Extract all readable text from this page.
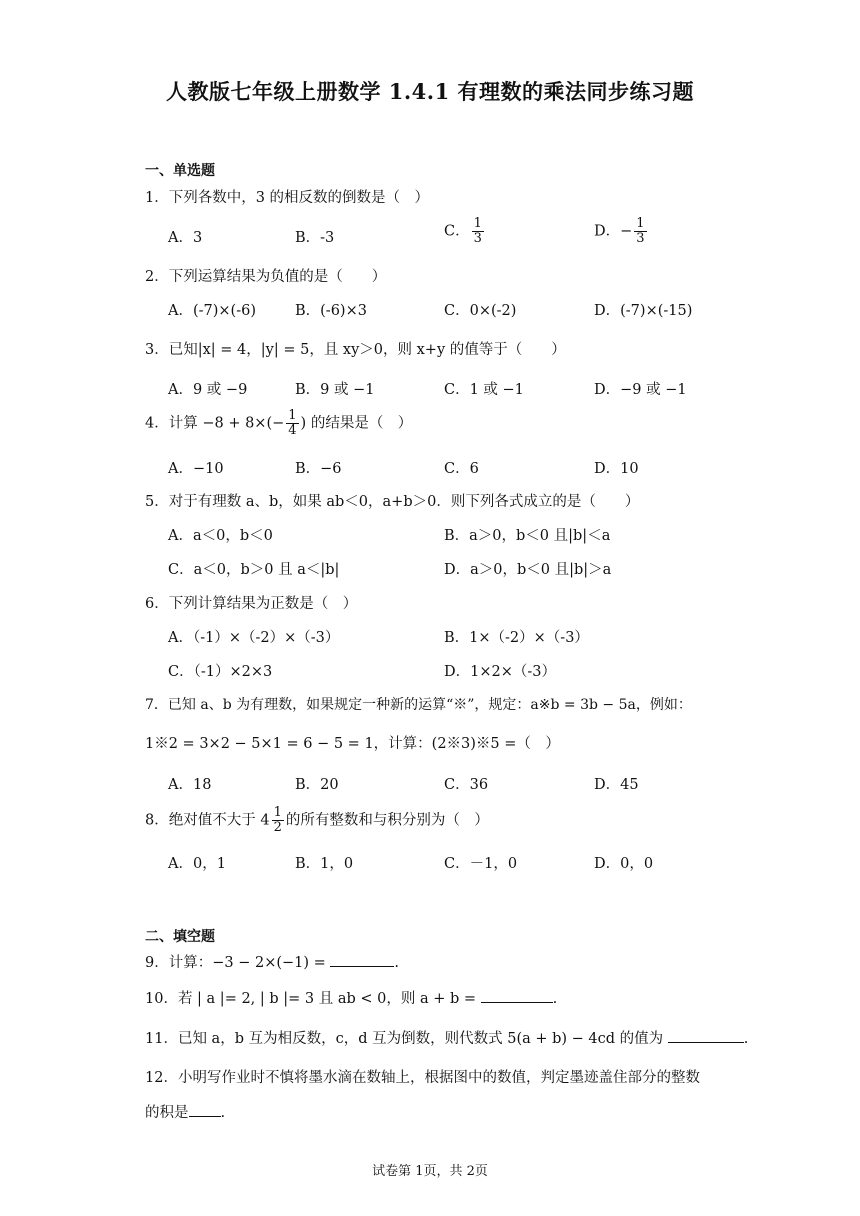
人教版七年级上册数学 1.4.1 有理数的乘法同步练习题
一、单选题
1．下列各数中，3 的相反数的倒数是（　）
A．3	B．-3	C． $\frac{1}{3}$	D．− $\frac{1}{3}$
2．下列运算结果为负值的是（　　）
A．(-7)×(-6)	B．(-6)×3	C．0×(-2)	D．(-7)×(-15)
3．已知|x| = 4，|y| = 5，且 xy＞0，则 x+y 的值等于（　　）
A．9 或 −9	B．9 或 −1	C．1 或 −1	D．−9 或 −1
4．计算 $-8 + 8\times(- \frac{1}{4}$ ) 的结果是（　）
A．−10	B．−6	C．6	D．10
5．对于有理数 a、b，如果 ab＜0，a+b＞0．则下列各式成立的是（　　）
A．a＜0，b＜0	B．a＞0，b＜0 且|b|＜a
C．a＜0，b＞0 且 a＜|b|	D．a＞0，b＜0 且|b|＞a
6．下列计算结果为正数是（　）
A．（-1）×（-2）×（-3）	B．1×（-2）×（-3）
C．（-1）×2×3	D．1×2×（-3）
7．已知 a、b 为有理数，如果规定一种新的运算“※”，规定：a※b = 3b − 5a，例如：
1※2 = 3×2 − 5×1 = 6 − 5 = 1，计算：(2※3)※5 =（　）
A．18	B．20	C．36	D．45
8．绝对值不大于 $4 \frac{1}{2}$ 的所有整数和与积分别为（　）
A．0，1	B．1，0	C．－1，0	D．0，0
二、填空题
9．计算：−3 − 2×(−1) =	.
10．若 | a |= 2, | b |= 3 且 ab < 0，则 a + b =	.
11．已知 a，b 互为相反数，c，d 互为倒数，则代数式 5(a + b) − 4cd 的值为	.
12．小明写作业时不慎将墨水滴在数轴上，根据图中的数值，判定墨迹盖住部分的整数
的积是 .
试卷第 1页，共 2页
